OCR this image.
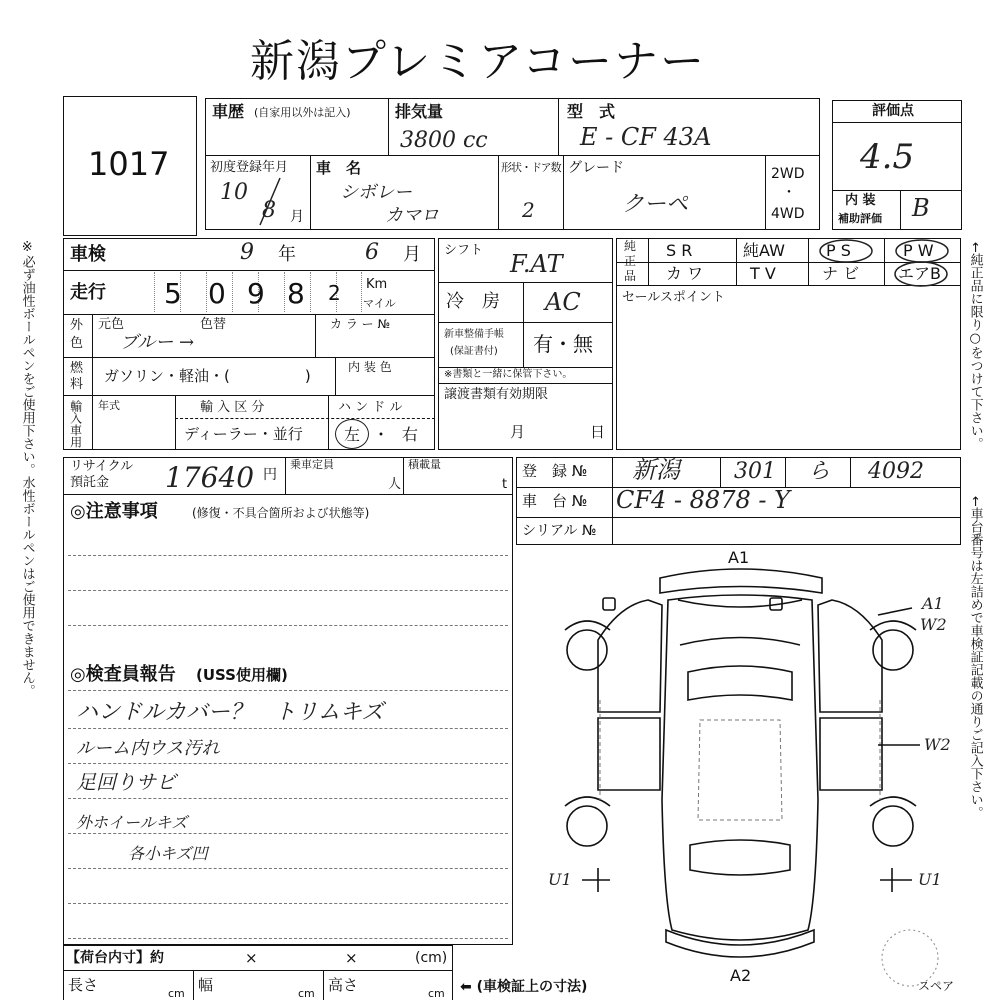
新潟プレミアコーナー
1017
車歴 (自家用以外は記入)	排気量
3800 cc
型　式
E - CF 43A
初度登録年月
10
8 月
車　名
シボレー
カマロ
形状・ドア数
2
グレード
クーペ
2WD
・
4WD
評価点
4.5
内 装
補助評価 B
※必ず油性ボールペンをご使用下さい。水性ボールペンはご使用できません。 車検	9 年	6 月
走行 5 0 9 8 2 Km
マイル
外
色
元色	色替	カ ラ ー №
ブルー →
燃
料 ガソリン・軽油・(　　　　　)	内 装 色
輸入車用 年式	輸 入 区 分
ディーラー・並行
ハ ン ド ル
左 ・ 右
シフト F.AT
冷　房 AC
新車整備手帳
(保証書付) 有・無
※書類と一緒に保管下さい。
譲渡書類有効期限
月	日
純
正
品
S R	純AW	P S	P W
カ ワ	T V	ナ ビ エアB
セールスポイント	←純正品に限り○をつけて下さい。
←車台番号は左詰めで車検証記載の通りご記入下さい。
リサイクル
預託金 17640 円
乗車定員
人
積載量
t
登　録 № 新潟 301 ら 4092
車　台 № CF4 - 8878 - Y
シリアル №
◎注意事項	(修復・不具合箇所および状態等)
◎検査員報告 (USS使用欄)
ハンドルカバー？　トリムキズ
ルーム内ウス汚れ
足回りサビ
外ホイールキズ
各小キズ凹
【荷台内寸】約	×	×	(cm)
長さ	cm 幅	cm 高さ	cm ⬅ (車検証上の寸法)
A1
A2
A1
W2
W2
U1	U1
スペア
